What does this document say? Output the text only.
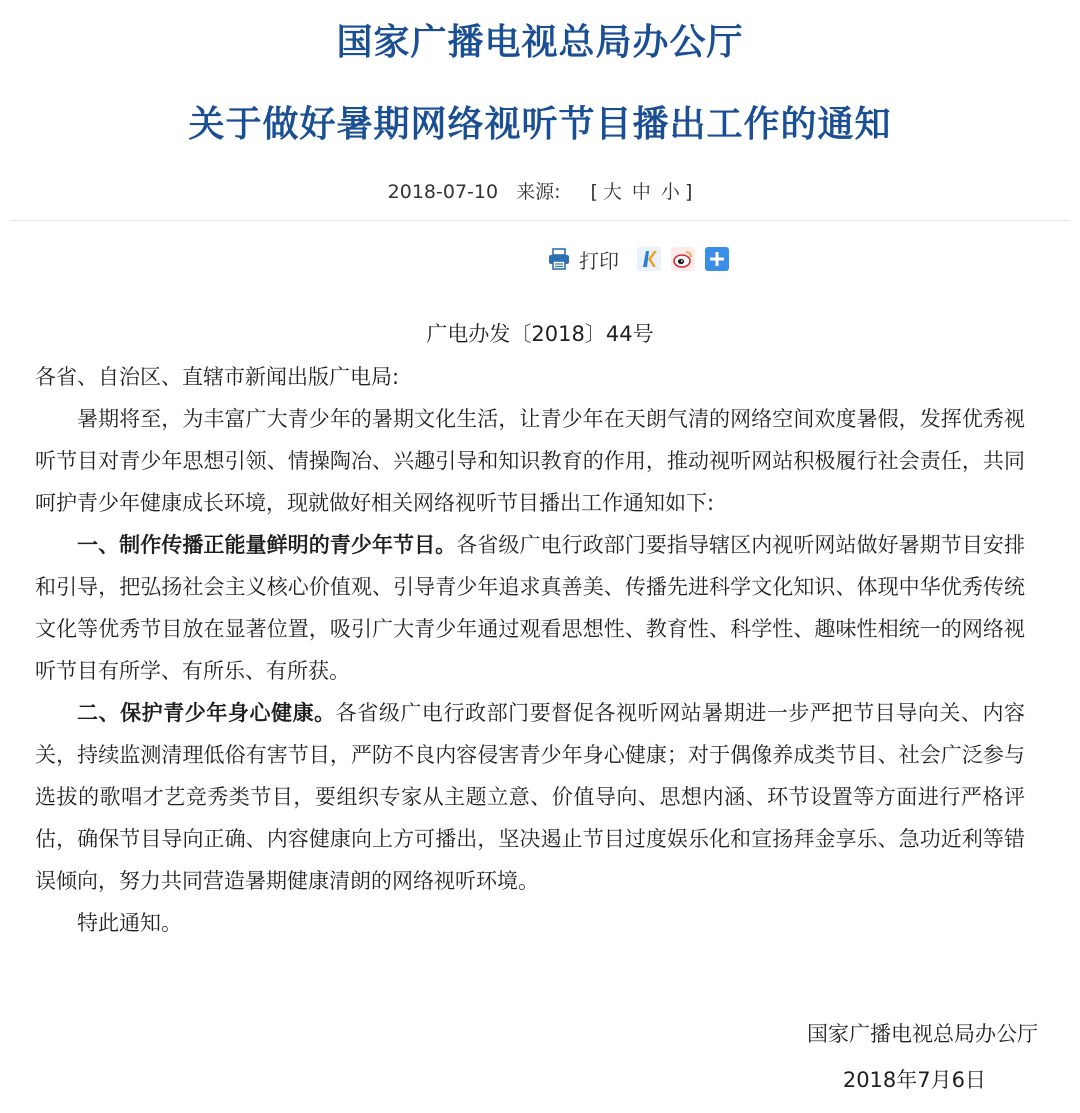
国家广播电视总局办公厅
关于做好暑期网络视听节目播出工作的通知
2018-07-10 来源: [ 大 中 小 ]
打印
广电办发〔2018〕44号
各省、自治区、直辖市新闻出版广电局:

暑期将至，为丰富广大青少年的暑期文化生活，让青少年在天朗气清的网络空间欢度暑假，发挥优秀视听节目对青少年思想引领、情操陶冶、兴趣引导和知识教育的作用，推动视听网站积极履行社会责任，共同呵护青少年健康成长环境，现就做好相关网络视听节目播出工作通知如下:

一、制作传播正能量鲜明的青少年节目。各省级广电行政部门要指导辖区内视听网站做好暑期节目安排和引导，把弘扬社会主义核心价值观、引导青少年追求真善美、传播先进科学文化知识、体现中华优秀传统文化等优秀节目放在显著位置，吸引广大青少年通过观看思想性、教育性、科学性、趣味性相统一的网络视听节目有所学、有所乐、有所获。

二、保护青少年身心健康。各省级广电行政部门要督促各视听网站暑期进一步严把节目导向关、内容关，持续监测清理低俗有害节目，严防不良内容侵害青少年身心健康；对于偶像养成类节目、社会广泛参与选拔的歌唱才艺竞秀类节目，要组织专家从主题立意、价值导向、思想内涵、环节设置等方面进行严格评估，确保节目导向正确、内容健康向上方可播出，坚决遏止节目过度娱乐化和宣扬拜金享乐、急功近利等错误倾向，努力共同营造暑期健康清朗的网络视听环境。

特此通知。

国家广播电视总局办公厅
2018年7月6日
